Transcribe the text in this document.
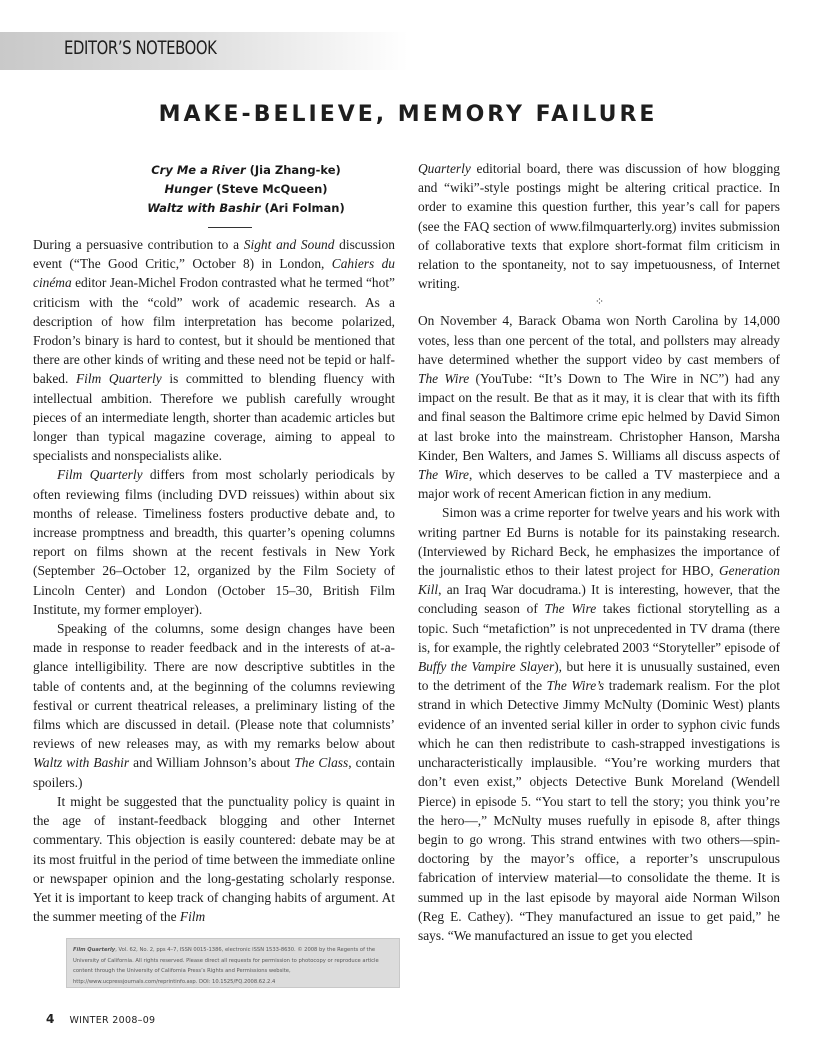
EDITOR’S NOTEBOOK
MAKE-BELIEVE, MEMORY FAILURE
Cry Me a River (Jia Zhang-ke)
Hunger (Steve McQueen)
Waltz with Bashir (Ari Folman)

During a persuasive contribution to a Sight and Sound discussion event (“The Good Critic,” October 8) in London, Cahiers du cinéma editor Jean-Michel Frodon contrasted what he termed “hot” criticism with the “cold” work of academic research. As a description of how film interpretation has become polarized, Frodon’s binary is hard to contest, but it should be mentioned that there are other kinds of writing and these need not be tepid or half-baked. Film Quarterly is committed to blending fluency with intellectual ambition. Therefore we publish carefully wrought pieces of an intermediate length, shorter than academic articles but longer than typical magazine coverage, aiming to appeal to specialists and nonspecialists alike.

Film Quarterly differs from most scholarly periodicals by often reviewing films (including DVD reissues) within about six months of release. Timeliness fosters productive debate and, to increase promptness and breadth, this quarter’s opening columns report on films shown at the recent festivals in New York (September 26–October 12, organized by the Film Society of Lincoln Center) and London (October 15–30, British Film Institute, my former employer).

Speaking of the columns, some design changes have been made in response to reader feedback and in the interests of at-a-glance intelligibility. There are now descriptive subtitles in the table of contents and, at the beginning of the columns reviewing festival or current theatrical releases, a preliminary listing of the films which are discussed in detail. (Please note that columnists’ reviews of new releases may, as with my remarks below about Waltz with Bashir and William Johnson’s about The Class, contain spoilers.)

It might be suggested that the punctuality policy is quaint in the age of instant-feedback blogging and other Internet commentary. This objection is easily countered: debate may be at its most fruitful in the period of time between the immediate online or newspaper opinion and the long-gestating scholarly response. Yet it is important to keep track of changing habits of argument. At the summer meeting of the Film

Film Quarterly, Vol. 62, No. 2, pps 4–7, ISSN 0015-1386, electronic ISSN 1533-8630. © 2008 by the Regents of the University of California. All rights reserved. Please direct all requests for permission to photocopy or reproduce article content through the University of California Press’s Rights and Permissions website, http://www.ucpressjournals.com/reprintinfo.asp. DOI: 10.1525/FQ.2008.62.2.4

Quarterly editorial board, there was discussion of how blogging and “wiki”-style postings might be altering critical practice. In order to examine this question further, this year’s call for papers (see the FAQ section of www.filmquarterly.org) invites submission of collaborative texts that explore short-format film criticism in relation to the spontaneity, not to say impetuousness, of Internet writing.

⁘

On November 4, Barack Obama won North Carolina by 14,000 votes, less than one percent of the total, and pollsters may already have determined whether the support video by cast members of The Wire (YouTube: “It’s Down to The Wire in NC”) had any impact on the result. Be that as it may, it is clear that with its fifth and final season the Baltimore crime epic helmed by David Simon at last broke into the mainstream. Christopher Hanson, Marsha Kinder, Ben Walters, and James S. Williams all discuss aspects of The Wire, which deserves to be called a TV masterpiece and a major work of recent American fiction in any medium.

Simon was a crime reporter for twelve years and his work with writing partner Ed Burns is notable for its painstaking research. (Interviewed by Richard Beck, he emphasizes the importance of the journalistic ethos to their latest project for HBO, Generation Kill, an Iraq War docudrama.) It is interesting, however, that the concluding season of The Wire takes fictional storytelling as a topic. Such “metafiction” is not unprecedented in TV drama (there is, for example, the rightly celebrated 2003 “Storyteller” episode of Buffy the Vampire Slayer), but here it is unusually sustained, even to the detriment of the The Wire’s trademark realism. For the plot strand in which Detective Jimmy McNulty (Dominic West) plants evidence of an invented serial killer in order to syphon civic funds which he can then redistribute to cash-strapped investigations is uncharacteristically implausible. “You’re working murders that don’t even exist,” objects Detective Bunk Moreland (Wendell Pierce) in episode 5. “You start to tell the story; you think you’re the hero—,” McNulty muses ruefully in episode 8, after things begin to go wrong. This strand entwines with two others—spin-doctoring by the mayor’s office, a reporter’s unscrupulous fabrication of interview material—to consolidate the theme. It is summed up in the last episode by mayoral aide Norman Wilson (Reg E. Cathey). “They manufactured an issue to get paid,” he says. “We manufactured an issue to get you elected

4 WINTER 2008–09
